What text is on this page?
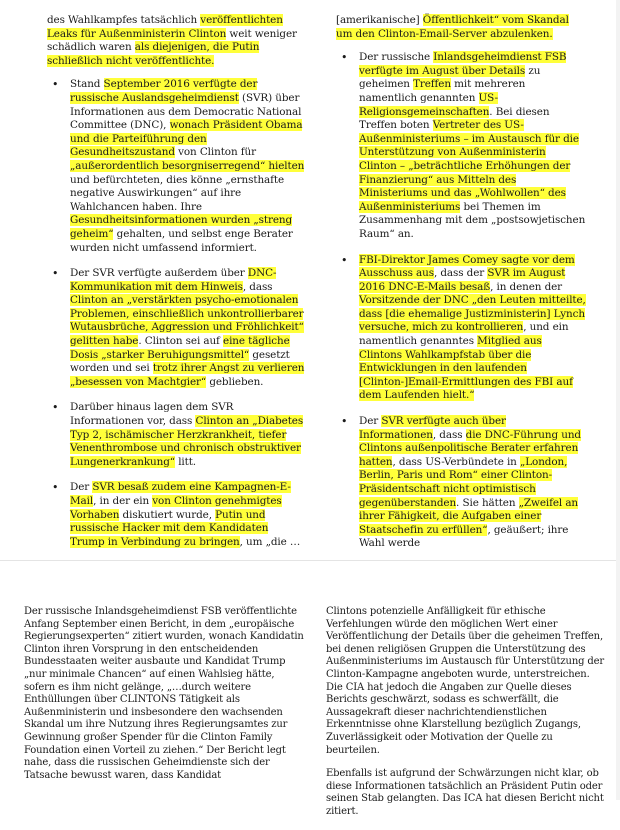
des Wahlkampfes tatsächlich veröffentlichten Leaks für Außenministerin Clinton weit weniger schädlich waren als diejenigen, die Putin schließlich nicht veröffentlichte.

• Stand September 2016 verfügte der russische Auslandsgeheimdienst (SVR) über Informationen aus dem Democratic National Committee (DNC), wonach Präsident Obama und die Parteiführung den Gesundheitszustand von Clinton für „außerordentlich besorgniserregend“ hielten und befürchteten, dies könne „ernsthafte negative Auswirkungen“ auf ihre Wahlchancen haben. Ihre Gesundheitsinformationen wurden „streng geheim“ gehalten, und selbst enge Berater wurden nicht umfassend informiert.
• Der SVR verfügte außerdem über DNC-Kommunikation mit dem Hinweis, dass Clinton an „verstärkten psycho-emotionalen Problemen, einschließlich unkontrollierbarer Wutausbrüche, Aggression und Fröhlichkeit“ gelitten habe. Clinton sei auf eine tägliche Dosis „starker Beruhigungsmittel“ gesetzt worden und sei trotz ihrer Angst zu verlieren „besessen von Machtgier“ geblieben.
• Darüber hinaus lagen dem SVR Informationen vor, dass Clinton an „Diabetes Typ 2, ischämischer Herzkrankheit, tiefer Venenthrombose und chronisch obstruktiver Lungenerkrankung“ litt.
• Der SVR besaß zudem eine Kampagnen-E-Mail, in der ein von Clinton genehmigtes Vorhaben diskutiert wurde, Putin und russische Hacker mit dem Kandidaten Trump in Verbindung zu bringen, um „die …

[amerikanische] Öffentlichkeit“ vom Skandal um den Clinton-Email-Server abzulenken.

• Der russische Inlandsgeheimdienst FSB verfügte im August über Details zu geheimen Treffen mit mehreren namentlich genannten US-Religionsgemeinschaften. Bei diesen Treffen boten Vertreter des US-Außenministeriums – im Austausch für die Unterstützung von Außenministerin Clinton – „beträchtliche Erhöhungen der Finanzierung“ aus Mitteln des Ministeriums und das „Wohlwollen“ des Außenministeriums bei Themen im Zusammenhang mit dem „postsowjetischen Raum“ an.
• FBI-Direktor James Comey sagte vor dem Ausschuss aus, dass der SVR im August 2016 DNC-E-Mails besaß, in denen der Vorsitzende der DNC „den Leuten mitteilte, dass [die ehemalige Justizministerin] Lynch versuche, mich zu kontrollieren, und ein namentlich genanntes Mitglied aus Clintons Wahlkampfstab über die Entwicklungen in den laufenden [Clinton-]Email-Ermittlungen des FBI auf dem Laufenden hielt.“
• Der SVR verfügte auch über Informationen, dass die DNC-Führung und Clintons außenpolitische Berater erfahren hatten, dass US-Verbündete in „London, Berlin, Paris und Rom“ einer Clinton-Präsidentschaft nicht optimistisch gegenüberstanden. Sie hätten „Zweifel an ihrer Fähigkeit, die Aufgaben einer Staatschefin zu erfüllen“, geäußert; ihre Wahl werde

Der russische Inlandsgeheimdienst FSB veröffentlichte Anfang September einen Bericht, in dem „europäische Regierungsexperten“ zitiert wurden, wonach Kandidatin Clinton ihren Vorsprung in den entscheidenden Bundesstaaten weiter ausbaute und Kandidat Trump „nur minimale Chancen“ auf einen Wahlsieg hätte, sofern es ihm nicht gelänge, „…durch weitere Enthüllungen über CLINTONS Tätigkeit als Außenministerin und insbesondere den wachsenden Skandal um ihre Nutzung ihres Regierungsamtes zur Gewinnung großer Spender für die Clinton Family Foundation einen Vorteil zu ziehen.“ Der Bericht legt nahe, dass die russischen Geheimdienste sich der Tatsache bewusst waren, dass Kandidat

Clintons potenzielle Anfälligkeit für ethische Verfehlungen würde den möglichen Wert einer Veröffentlichung der Details über die geheimen Treffen, bei denen religiösen Gruppen die Unterstützung des Außenministeriums im Austausch für Unterstützung der Clinton-Kampagne angeboten wurde, unterstreichen. Die CIA hat jedoch die Angaben zur Quelle dieses Berichts geschwärzt, sodass es schwerfällt, die Aussagekraft dieser nachrichtendienstlichen Erkenntnisse ohne Klarstellung bezüglich Zugangs, Zuverlässigkeit oder Motivation der Quelle zu beurteilen.

Ebenfalls ist aufgrund der Schwärzungen nicht klar, ob diese Informationen tatsächlich an Präsident Putin oder seinen Stab gelangten. Das ICA hat diesen Bericht nicht zitiert.
